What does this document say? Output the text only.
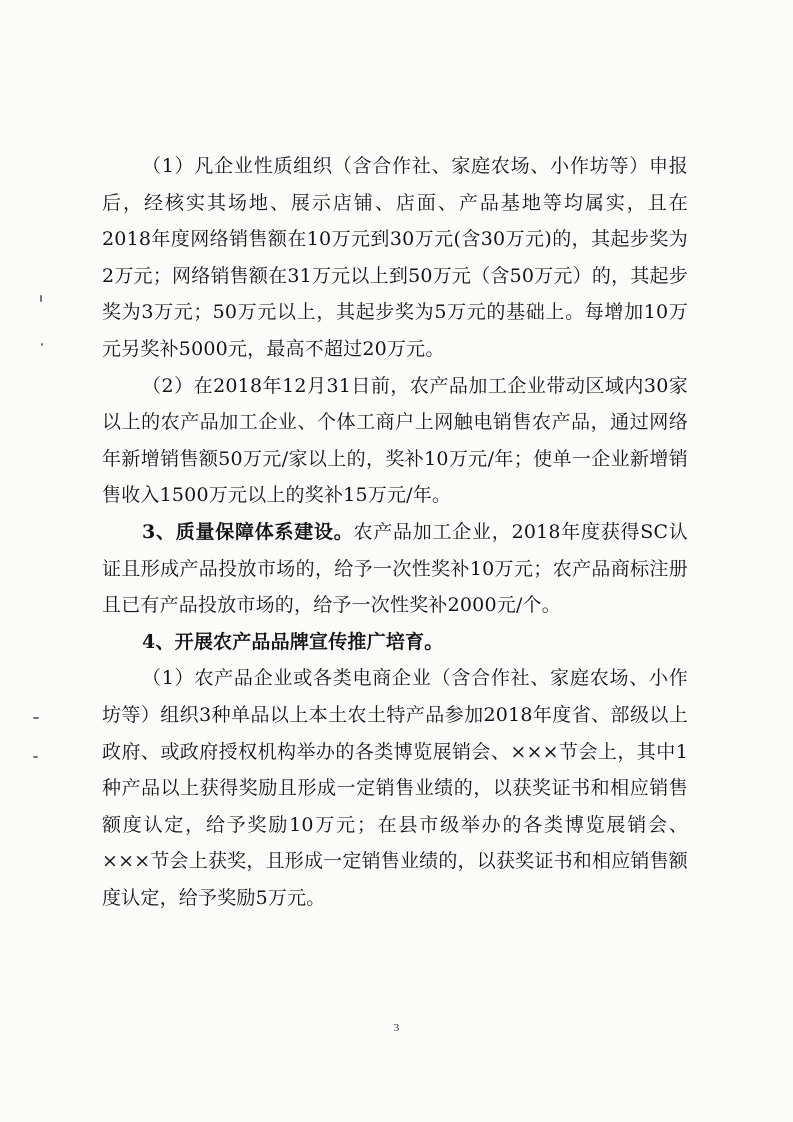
（1）凡企业性质组织（含合作社、家庭农场、小作坊等）申报后，经核实其场地、展示店铺、店面、产品基地等均属实，且在2018年度网络销售额在10万元到30万元(含30万元)的，其起步奖为2万元；网络销售额在31万元以上到50万元（含50万元）的，其起步奖为3万元；50万元以上，其起步奖为5万元的基础上。每增加10万元另奖补5000元，最高不超过20万元。

（2）在2018年12月31日前，农产品加工企业带动区域内30家以上的农产品加工企业、个体工商户上网触电销售农产品，通过网络年新增销售额50万元/家以上的，奖补10万元/年；使单一企业新增销售收入1500万元以上的奖补15万元/年。

3、质量保障体系建设。农产品加工企业，2018年度获得SC认证且形成产品投放市场的，给予一次性奖补10万元；农产品商标注册且已有产品投放市场的，给予一次性奖补2000元/个。

4、开展农产品品牌宣传推广培育。

（1）农产品企业或各类电商企业（含合作社、家庭农场、小作坊等）组织3种单品以上本土农土特产品参加2018年度省、部级以上政府、或政府授权机构举办的各类博览展销会、×××节会上，其中1种产品以上获得奖励且形成一定销售业绩的，以获奖证书和相应销售额度认定，给予奖励10万元；在县市级举办的各类博览展销会、×××节会上获奖，且形成一定销售业绩的，以获奖证书和相应销售额度认定，给予奖励5万元。

3
